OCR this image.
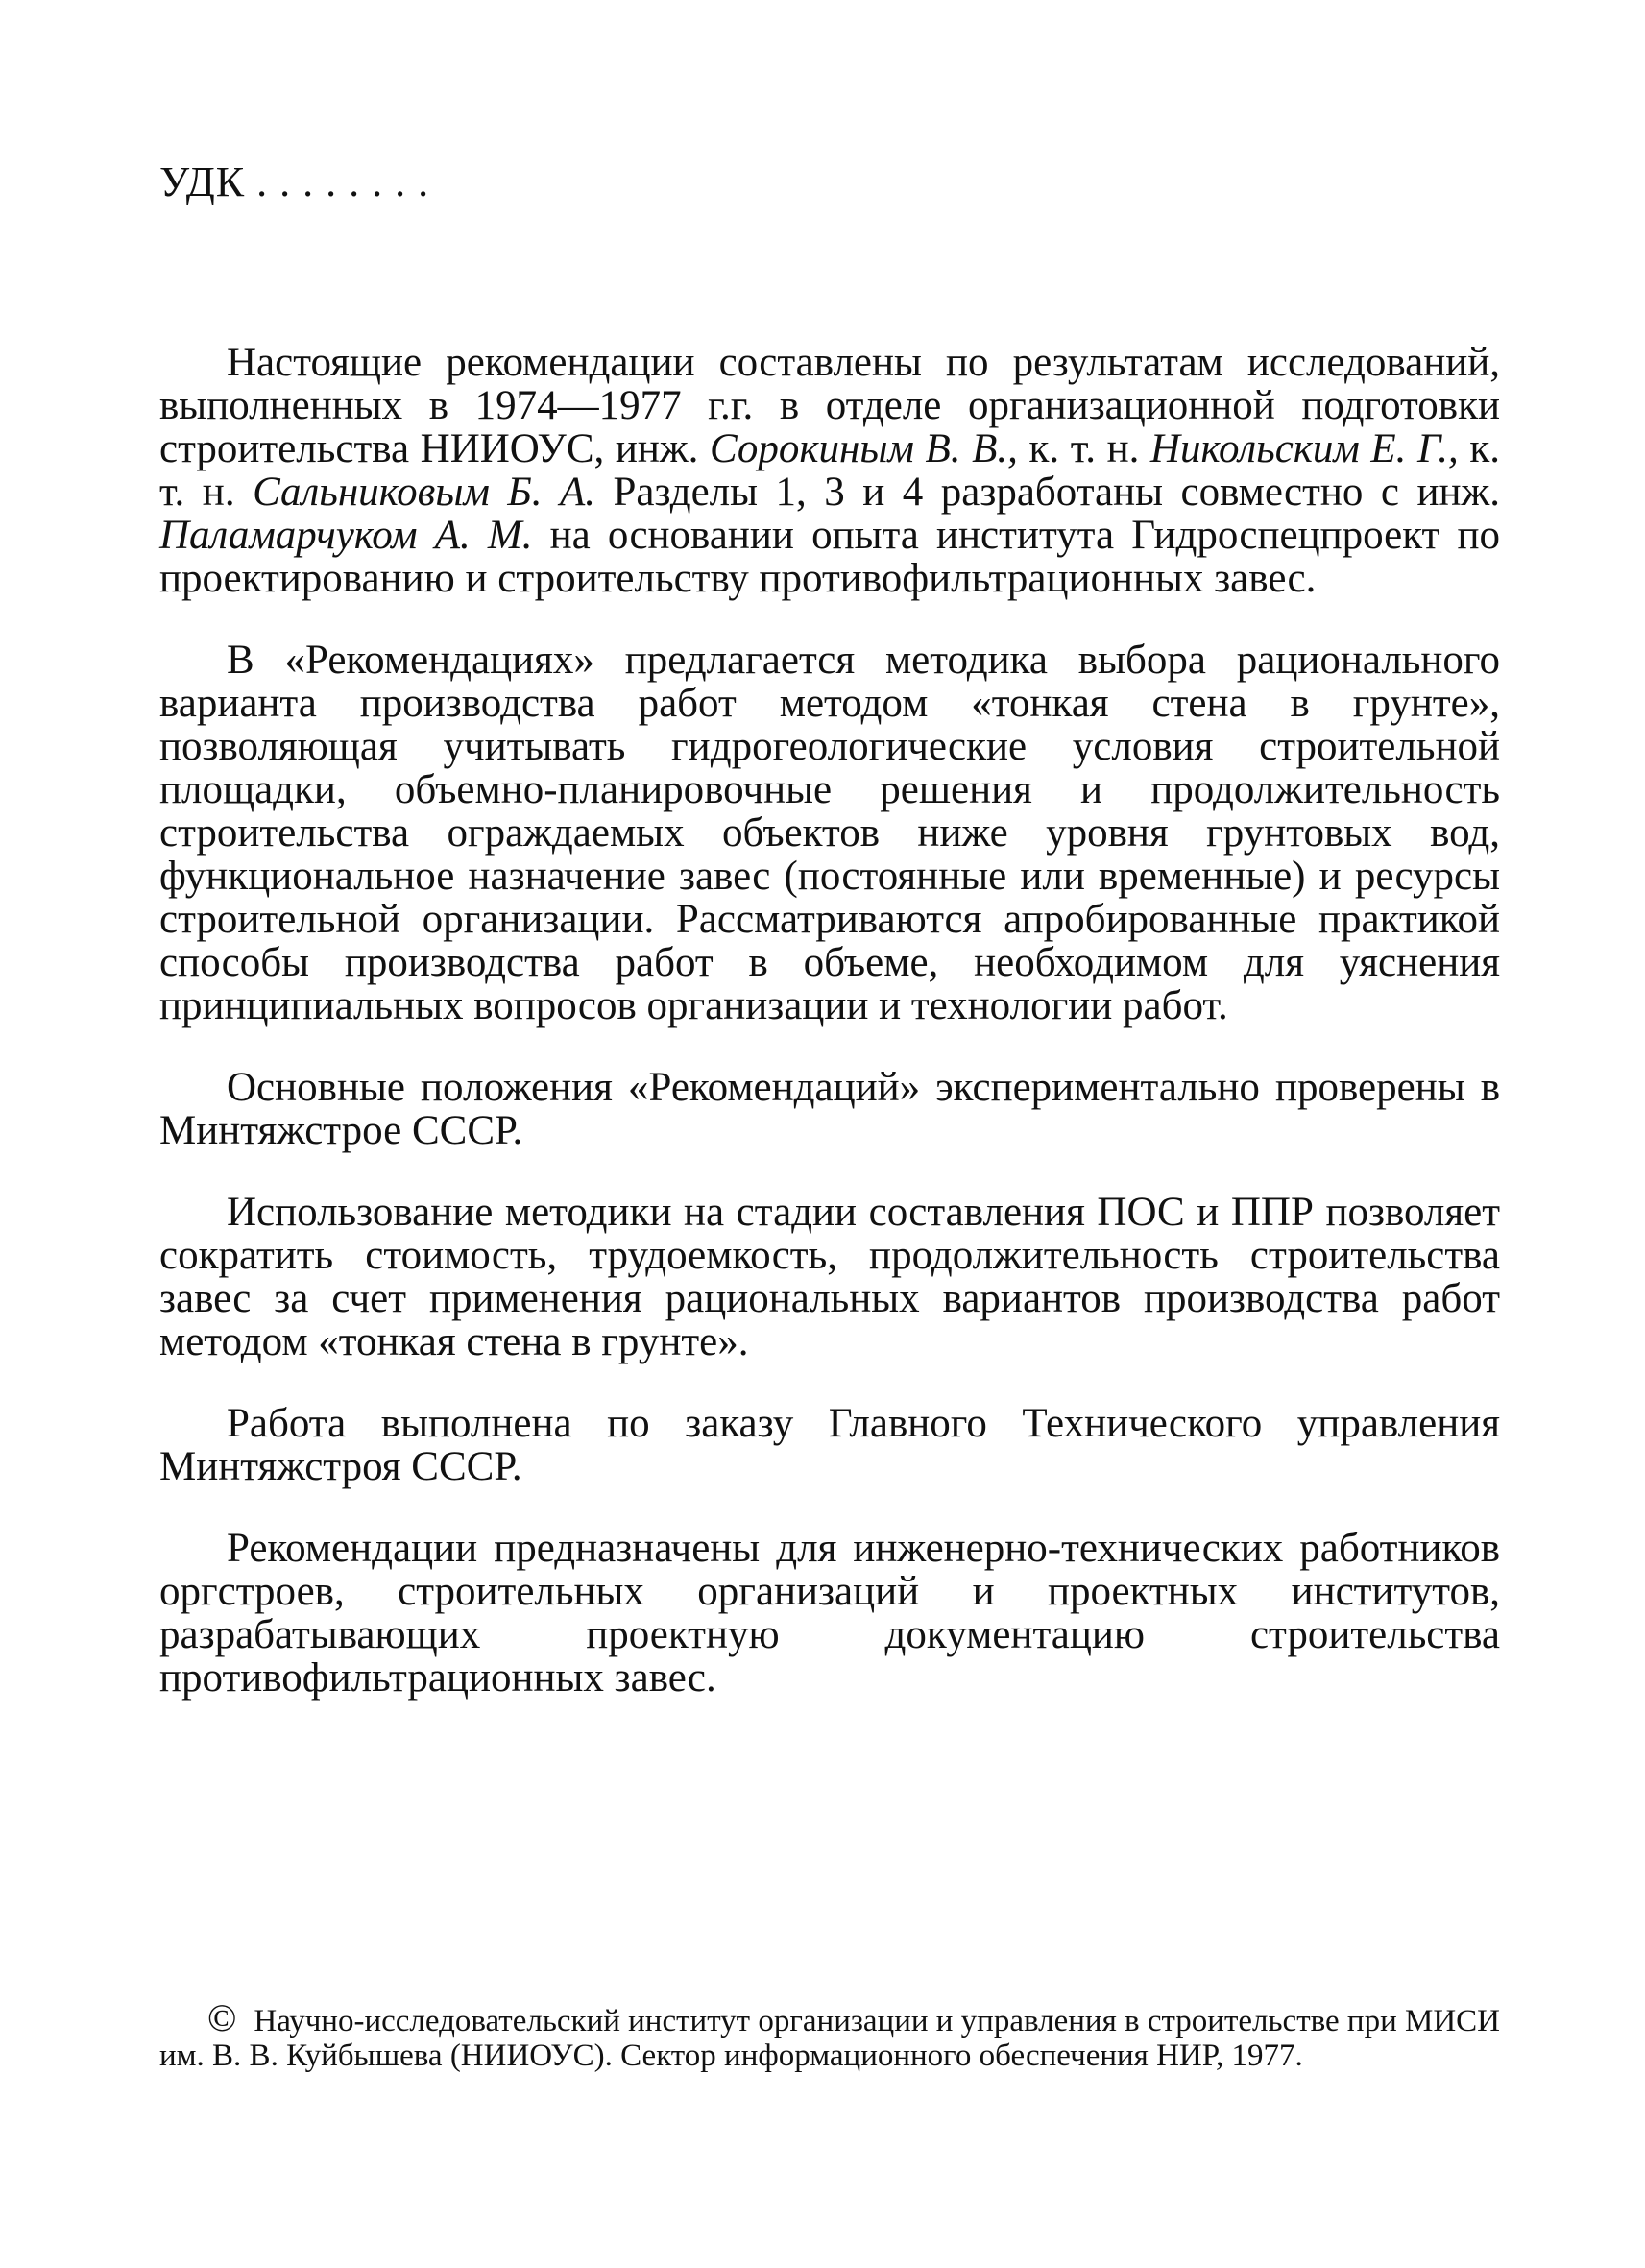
УДК . . . . . . . .

Настоящие рекомендации составлены по результатам исследований, выполненных в 1974—1977 г.г. в отделе организационной подготовки строительства НИИОУС, инж. Сорокиным В. В., к. т. н. Никольским Е. Г., к. т. н. Сальниковым Б. А. Разделы 1, 3 и 4 разработаны совместно с инж. Паламарчуком А. М. на основании опыта института Гидроспецпроект по проектированию и строительству противофильтрационных завес.

В «Рекомендациях» предлагается методика выбора рационального варианта производства работ методом «тонкая стена в грунте», позволяющая учитывать гидрогеологические условия строительной площадки, объемно-планировочные решения и продолжительность строительства ограждаемых объектов ниже уровня грунтовых вод, функциональное назначение завес (постоянные или временные) и ресурсы строительной организации. Рассматриваются апробированные практикой способы производства работ в объеме, необходимом для уяснения принципиальных вопросов организации и технологии работ.

Основные положения «Рекомендаций» экспериментально проверены в Минтяжстрое СССР.

Использование методики на стадии составления ПОС и ППР позволяет сократить стоимость, трудоемкость, продолжительность строительства завес за счет применения рациональных вариантов производства работ методом «тонкая стена в грунте».

Работа выполнена по заказу Главного Технического управления Минтяжстроя СССР.

Рекомендации предназначены для инженерно-технических работников оргстроев, строительных организаций и проектных институтов, разрабатывающих проектную документацию строительства противофильтрационных завес.

© Научно-исследовательский институт организации и управления в строительстве при МИСИ им. В. В. Куйбышева (НИИОУС). Сектор информационного обеспечения НИР, 1977.
